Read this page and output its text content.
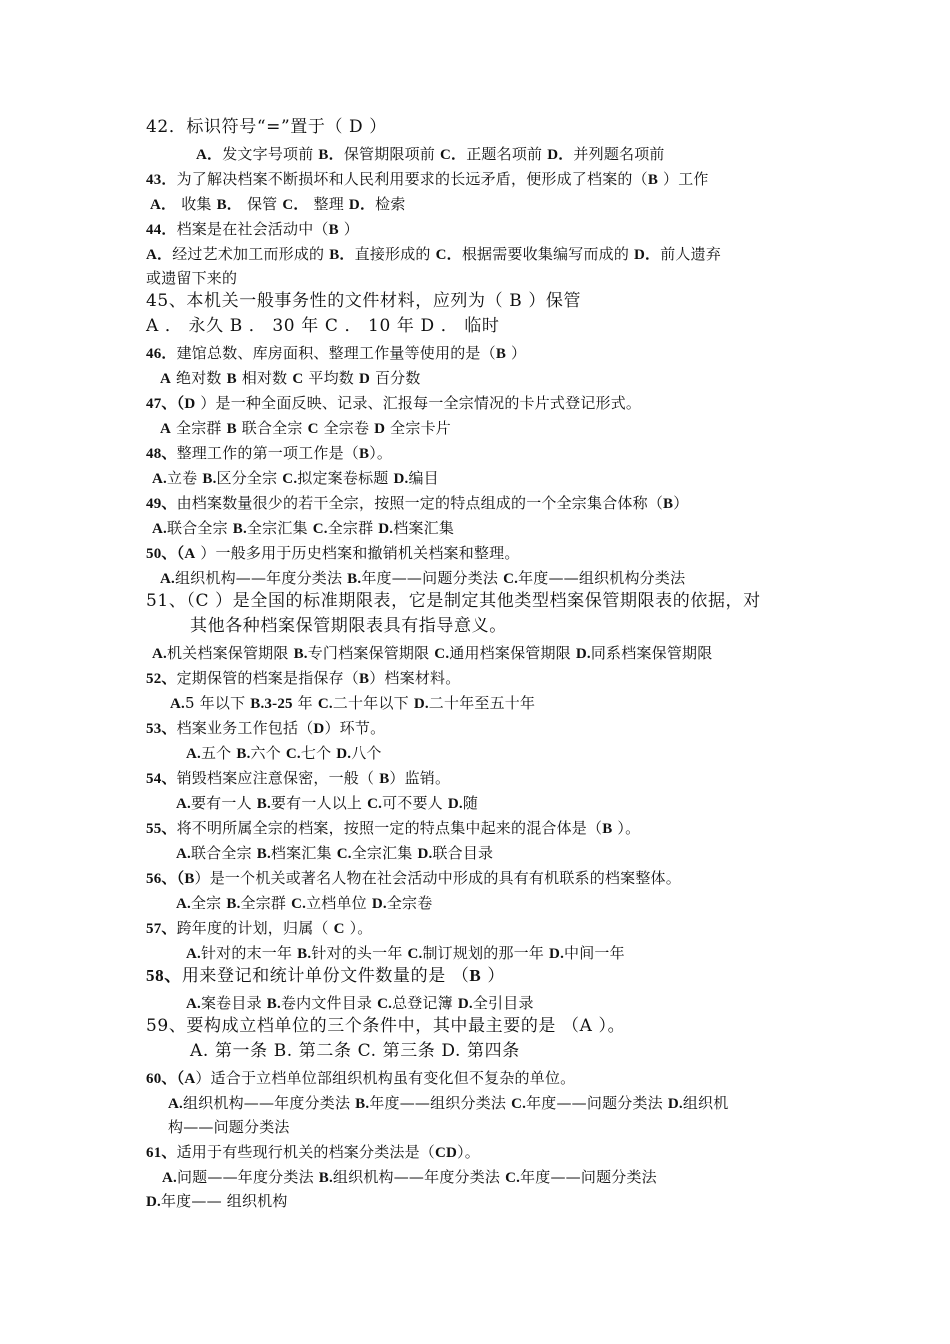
42．标识符号“=”置于（ D ）
A．发文字号项前 B．保管期限项前 C．正题名项前 D．并列题名项前
43．为了解决档案不断损坏和人民利用要求的长远矛盾，便形成了档案的（B ）工作
A． 收集 B． 保管 C． 整理 D．检索
44．档案是在社会活动中（B ）
A．经过艺术加工而形成的 B．直接形成的 C．根据需要收集编写而成的 D．前人遗弃
或遗留下来的
45、本机关一般事务性的文件材料，应列为（ B ）保管
A ． 永久 B ． 30 年 C ． 10 年 D ． 临时
46．建馆总数、库房面积、整理工作量等使用的是（B ）
A 绝对数 B 相对数 C 平均数 D 百分数
47、（D ）是一种全面反映、记录、汇报每一全宗情况的卡片式登记形式。
A 全宗群 B 联合全宗 C 全宗卷 D 全宗卡片
48、整理工作的第一项工作是（B）。
A.立卷 B.区分全宗 C.拟定案卷标题 D.编目
49、由档案数量很少的若干全宗，按照一定的特点组成的一个全宗集合体称（B）
A.联合全宗 B.全宗汇集 C.全宗群 D.档案汇集
50、（A ）一般多用于历史档案和撤销机关档案和整理。
A.组织机构——年度分类法 B.年度——问题分类法 C.年度——组织机构分类法
51、（C ）是全国的标准期限表，它是制定其他类型档案保管期限表的依据，对
其他各种档案保管期限表具有指导意义。
A.机关档案保管期限 B.专门档案保管期限 C.通用档案保管期限 D.同系档案保管期限
52、定期保管的档案是指保存（B）档案材料。
A.5 年以下 B.3-25 年 C.二十年以下 D.二十年至五十年
53、档案业务工作包括（D）环节。
A.五个 B.六个 C.七个 D.八个
54、销毁档案应注意保密，一般（ B）监销。
A.要有一人 B.要有一人以上 C.可不要人 D.随
55、将不明所属全宗的档案，按照一定的特点集中起来的混合体是（B ）。
A.联合全宗 B.档案汇集 C.全宗汇集 D.联合目录
56、（B）是一个机关或著名人物在社会活动中形成的具有有机联系的档案整体。
A.全宗 B.全宗群 C.立档单位 D.全宗卷
57、跨年度的计划，归属（ C ）。
A.针对的末一年 B.针对的头一年 C.制订规划的那一年 D.中间一年
58、用来登记和统计单份文件数量的是 （B ）
A.案卷目录 B.卷内文件目录 C.总登记簿 D.全引目录
59、要构成立档单位的三个条件中，其中最主要的是 （A ）。
A. 第一条 B. 第二条 C. 第三条 D. 第四条
60、（A）适合于立档单位部组织机构虽有变化但不复杂的单位。
A.组织机构——年度分类法 B.年度——组织分类法 C.年度——问题分类法 D.组织机
构——问题分类法
61、适用于有些现行机关的档案分类法是（CD）。
A.问题——年度分类法 B.组织机构——年度分类法 C.年度——问题分类法
D.年度—— 组织机构
